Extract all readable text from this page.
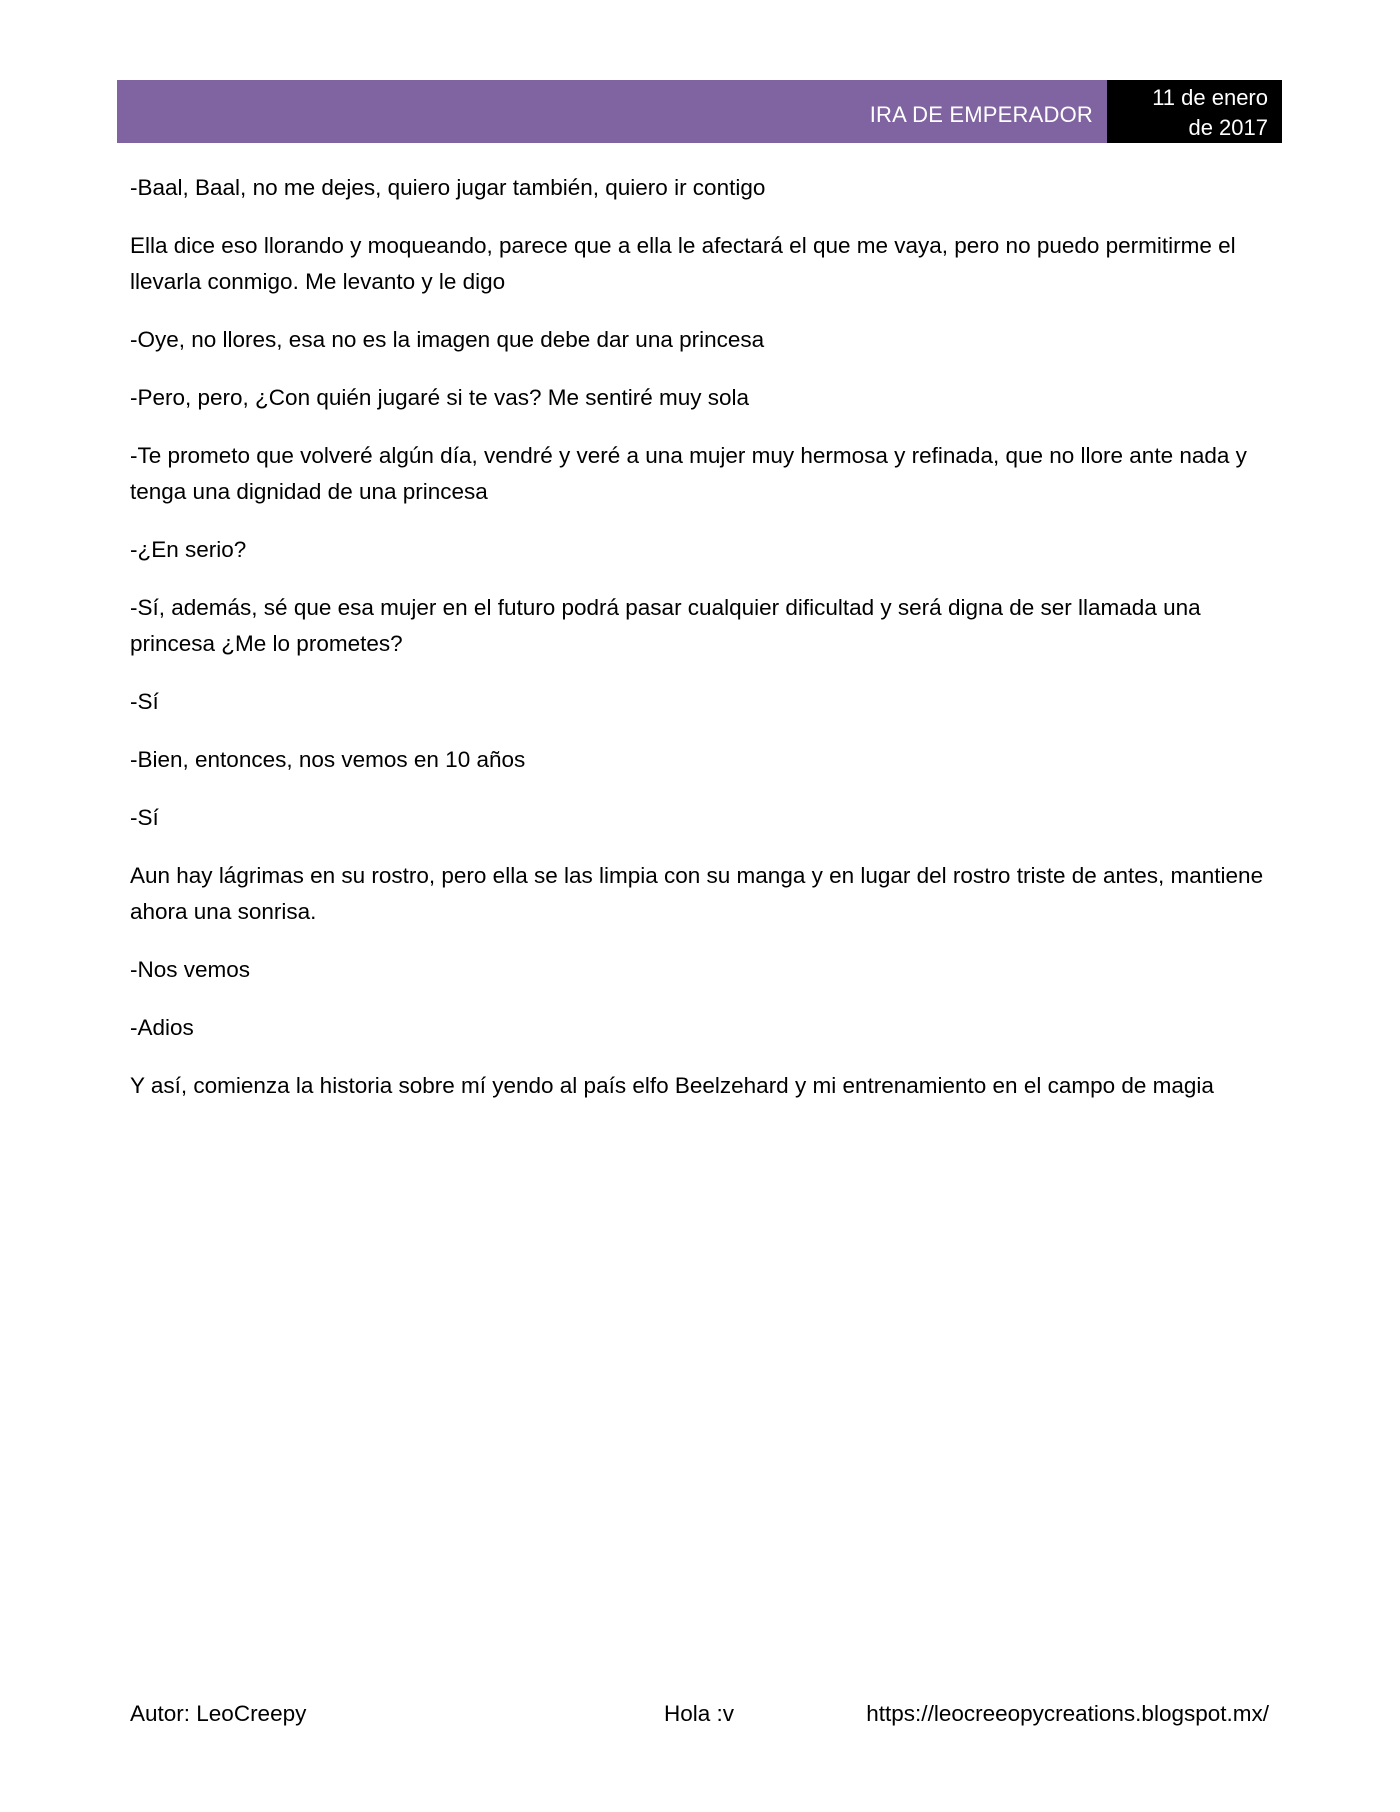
IRA DE EMPERADOR
11 de enero
de 2017

-Baal, Baal, no me dejes, quiero jugar también, quiero ir contigo

Ella dice eso llorando y moqueando, parece que a ella le afectará el que me vaya, pero no puedo permitirme el llevarla conmigo. Me levanto y le digo

-Oye, no llores, esa no es la imagen que debe dar una princesa

-Pero, pero, ¿Con quién jugaré si te vas? Me sentiré muy sola

-Te prometo que volveré algún día, vendré y veré a una mujer muy hermosa y refinada, que no llore ante nada y tenga una dignidad de una princesa

-¿En serio?

-Sí, además, sé que esa mujer en el futuro podrá pasar cualquier dificultad y será digna de ser llamada una princesa ¿Me lo prometes?

-Sí

-Bien, entonces, nos vemos en 10 años

-Sí

Aun hay lágrimas en su rostro, pero ella se las limpia con su manga y en lugar del rostro triste de antes, mantiene ahora una sonrisa.

-Nos vemos

-Adios

Y así, comienza la historia sobre mí yendo al país elfo Beelzehard y mi entrenamiento en el campo de magia

Autor: LeoCreepy	Hola :v	https://leocreeopycreations.blogspot.mx/
